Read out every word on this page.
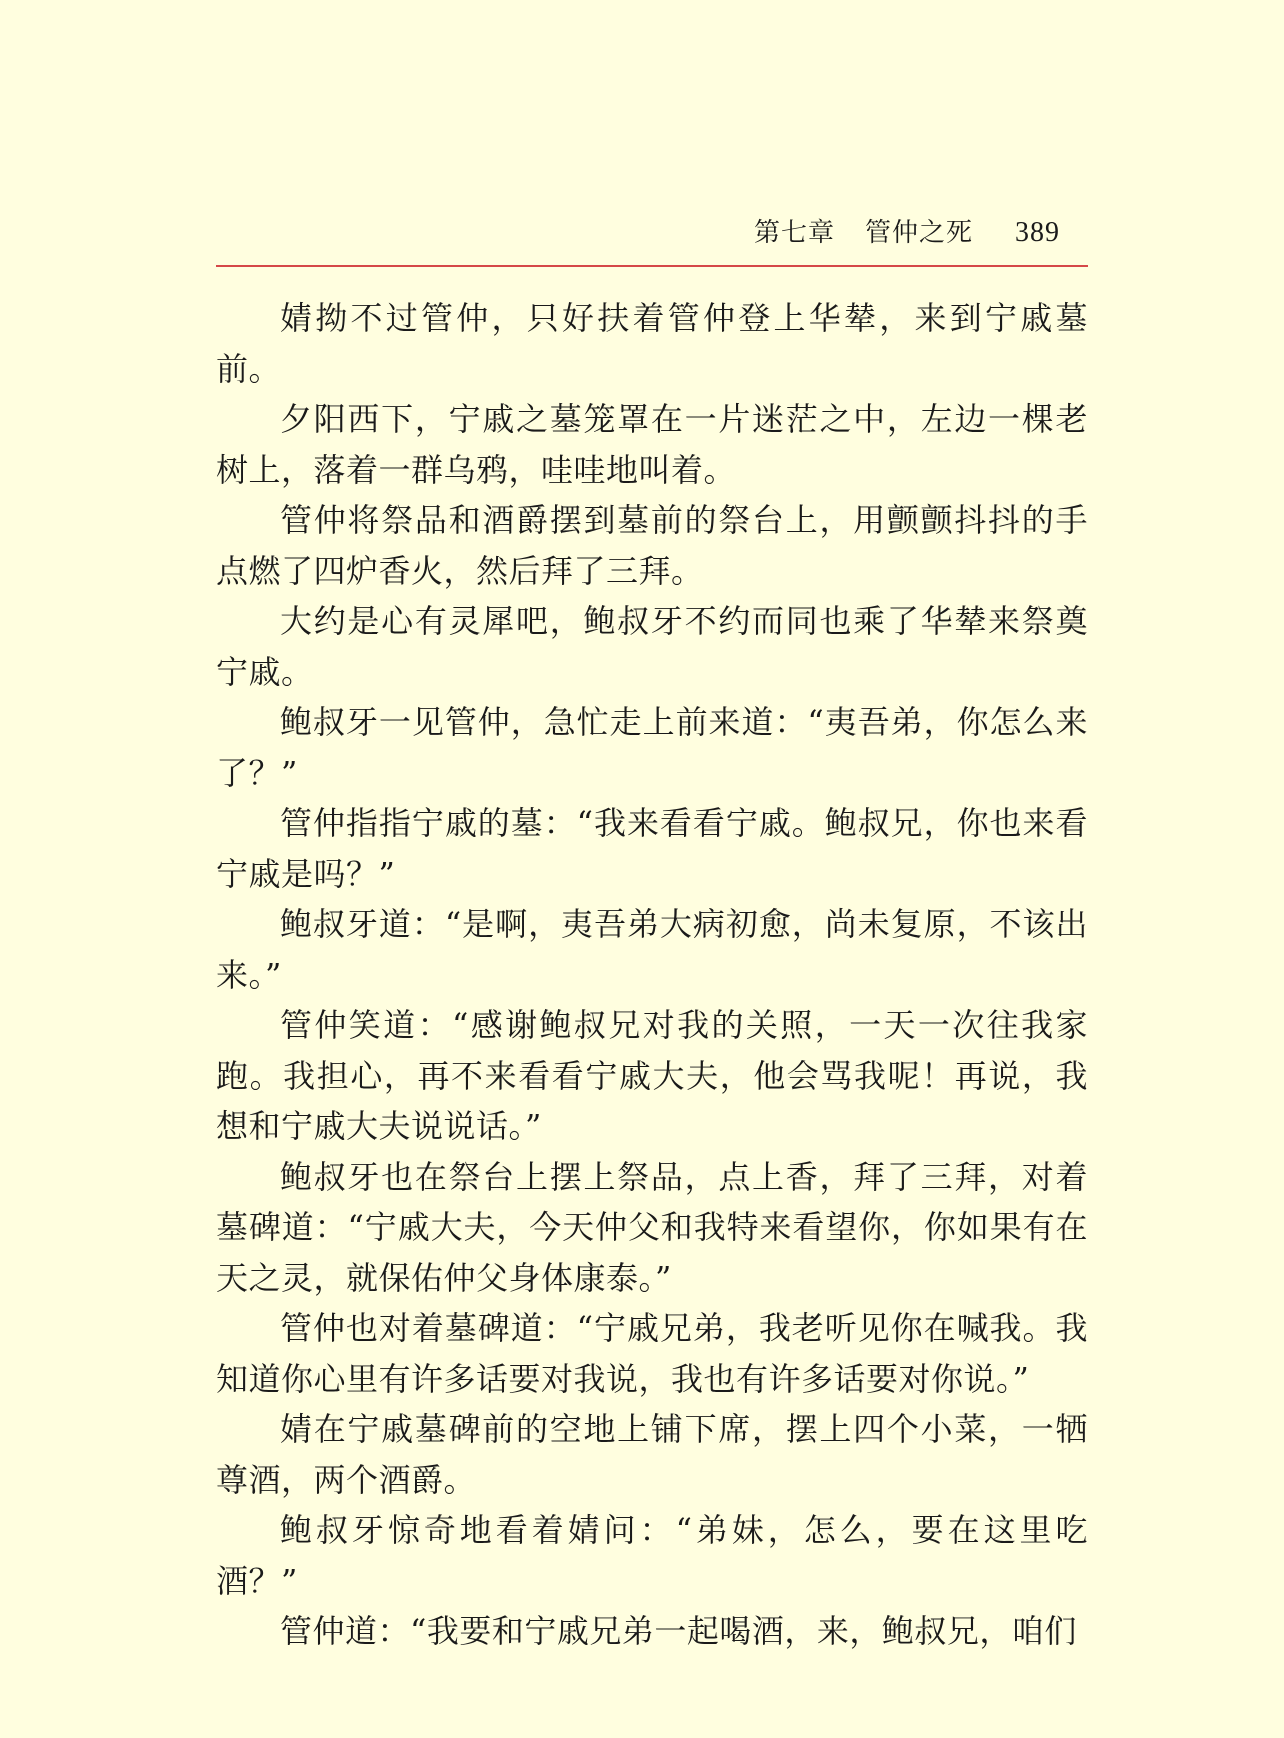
第七章 管仲之死 389

婧拗不过管仲，只好扶着管仲登上华辇，来到宁戚墓前。

夕阳西下，宁戚之墓笼罩在一片迷茫之中，左边一棵老树上，落着一群乌鸦，哇哇地叫着。

管仲将祭品和酒爵摆到墓前的祭台上，用颤颤抖抖的手点燃了四炉香火，然后拜了三拜。

大约是心有灵犀吧，鲍叔牙不约而同也乘了华辇来祭奠宁戚。

鲍叔牙一见管仲，急忙走上前来道：“夷吾弟，你怎么来了？”

管仲指指宁戚的墓：“我来看看宁戚。鲍叔兄，你也来看宁戚是吗？”

鲍叔牙道：“是啊，夷吾弟大病初愈，尚未复原，不该出来。”

管仲笑道：“感谢鲍叔兄对我的关照，一天一次往我家跑。我担心，再不来看看宁戚大夫，他会骂我呢！再说，我想和宁戚大夫说说话。”

鲍叔牙也在祭台上摆上祭品，点上香，拜了三拜，对着墓碑道：“宁戚大夫，今天仲父和我特来看望你，你如果有在天之灵，就保佑仲父身体康泰。”

管仲也对着墓碑道：“宁戚兄弟，我老听见你在喊我。我知道你心里有许多话要对我说，我也有许多话要对你说。”

婧在宁戚墓碑前的空地上铺下席，摆上四个小菜，一牺尊酒，两个酒爵。

鲍叔牙惊奇地看着婧问：“弟妹，怎么，要在这里吃酒？”

管仲道：“我要和宁戚兄弟一起喝酒，来，鲍叔兄，咱们
